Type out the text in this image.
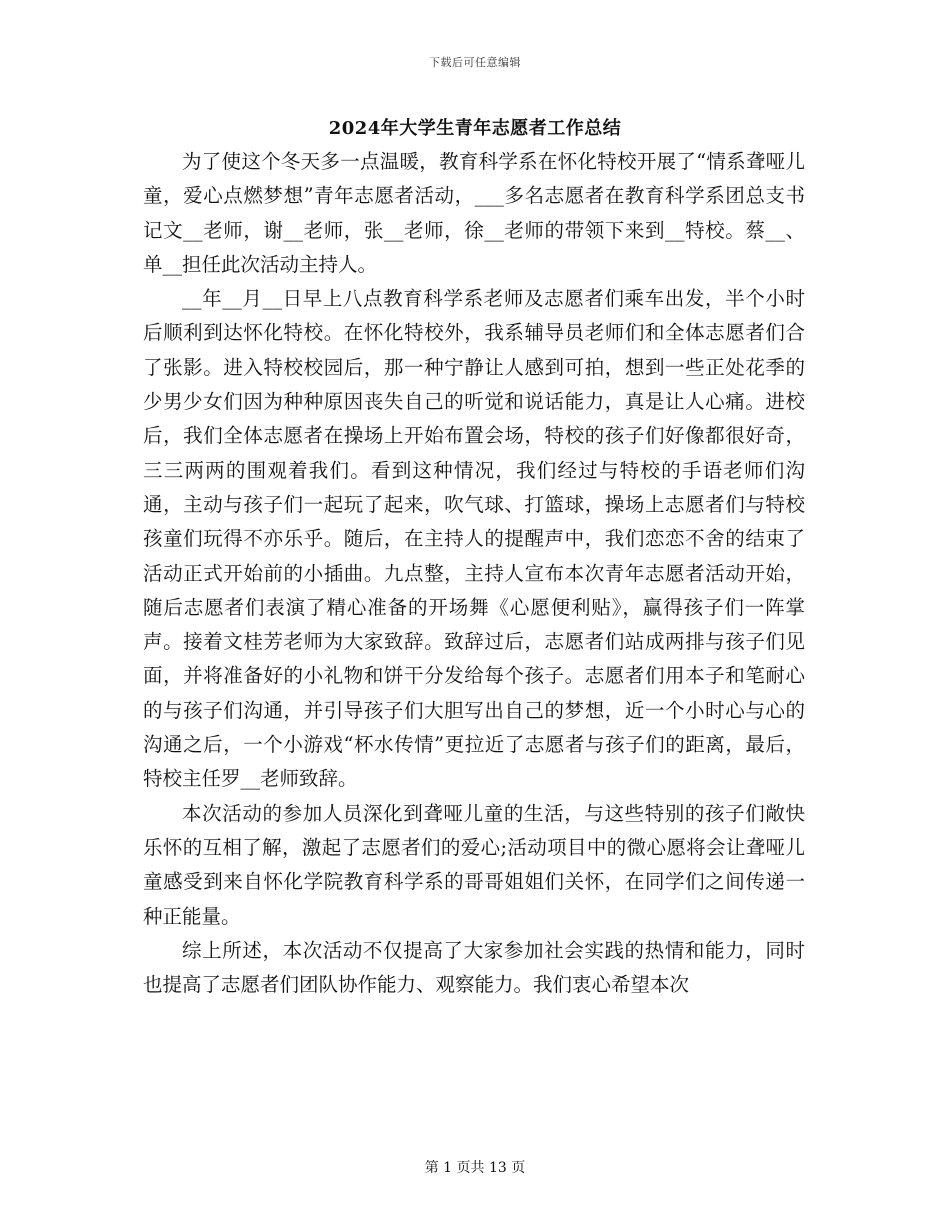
下载后可任意编辑
2024年大学生青年志愿者工作总结

为了使这个冬天多一点温暖，教育科学系在怀化特校开展了“情系聋哑儿童，爱心点燃梦想”青年志愿者活动，___多名志愿者在教育科学系团总支书记文__老师，谢__老师，张__老师，徐__老师的带领下来到__特校。蔡__、单__担任此次活动主持人。

__年__月__日早上八点教育科学系老师及志愿者们乘车出发，半个小时后顺利到达怀化特校。在怀化特校外，我系辅导员老师们和全体志愿者们合了张影。进入特校校园后，那一种宁静让人感到可拍，想到一些正处花季的少男少女们因为种种原因丧失自己的听觉和说话能力，真是让人心痛。进校后，我们全体志愿者在操场上开始布置会场，特校的孩子们好像都很好奇，三三两两的围观着我们。看到这种情况，我们经过与特校的手语老师们沟通，主动与孩子们一起玩了起来，吹气球、打篮球，操场上志愿者们与特校孩童们玩得不亦乐乎。随后，在主持人的提醒声中，我们恋恋不舍的结束了活动正式开始前的小插曲。九点整，主持人宣布本次青年志愿者活动开始，随后志愿者们表演了精心准备的开场舞《心愿便利贴》，赢得孩子们一阵掌声。接着文桂芳老师为大家致辞。致辞过后，志愿者们站成两排与孩子们见面，并将准备好的小礼物和饼干分发给每个孩子。志愿者们用本子和笔耐心的与孩子们沟通，并引导孩子们大胆写出自己的梦想，近一个小时心与心的沟通之后，一个小游戏“杯水传情”更拉近了志愿者与孩子们的距离，最后，特校主任罗__老师致辞。

本次活动的参加人员深化到聋哑儿童的生活，与这些特别的孩子们敞快乐怀的互相了解，激起了志愿者们的爱心;活动项目中的微心愿将会让聋哑儿童感受到来自怀化学院教育科学系的哥哥姐姐们关怀，在同学们之间传递一种正能量。

综上所述，本次活动不仅提高了大家参加社会实践的热情和能力，同时也提高了志愿者们团队协作能力、观察能力。我们衷心希望本次

第 1 页共 13 页
